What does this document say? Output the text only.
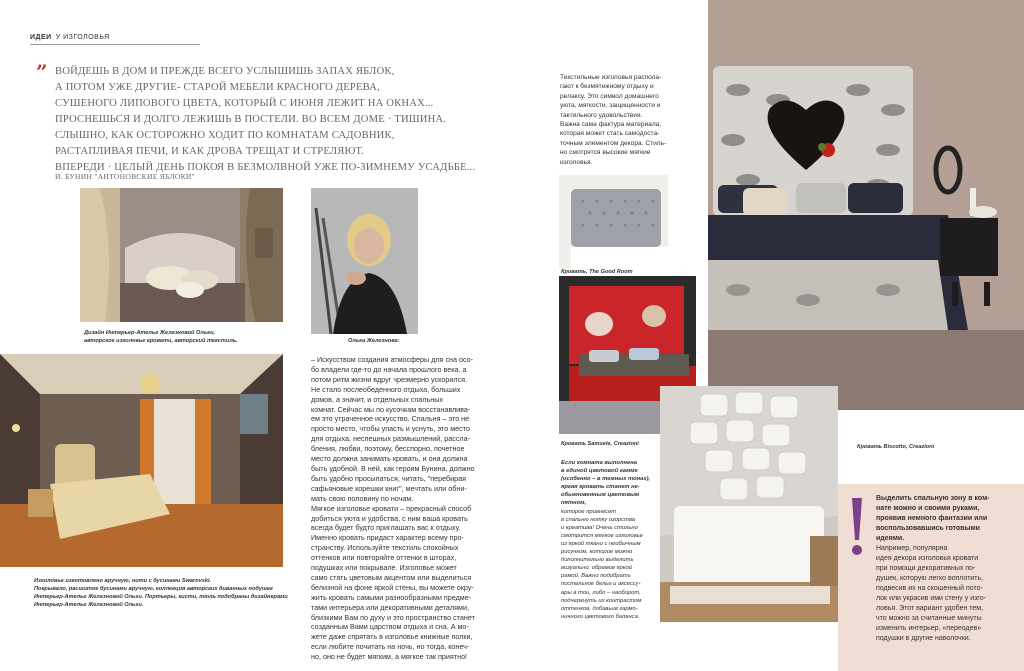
ИДЕИ У ИЗГОЛОВЬЯ
” ВОЙДЕШЬ В ДОМ И ПРЕЖДЕ ВСЕГО УСЛЫШИШЬ ЗАПАХ ЯБЛОК,
А ПОТОМ УЖЕ ДРУГИЕ- СТАРОЙ МЕБЕЛИ КРАСНОГО ДЕРЕВА,
СУШЕНОГО ЛИПОВОГО ЦВЕТА, КОТОРЫЙ С ИЮНЯ ЛЕЖИТ НА ОКНАХ...
ПРОСНЕШЬСЯ И ДОЛГО ЛЕЖИШЬ В ПОСТЕЛИ. ВО ВСЕМ ДОМЕ · ТИШИНА.
СЛЫШНО, КАК ОСТОРОЖНО ХОДИТ ПО КОМНАТАМ САДОВНИК,
РАСТАПЛИВАЯ ПЕЧИ, И КАК ДРОВА ТРЕЩАТ И СТРЕЛЯЮТ.
ВПЕРЕДИ · ЦЕЛЫЙ ДЕНЬ ПОКОЯ В БЕЗМОЛВНОЙ УЖЕ ПО-ЗИМНЕМУ УСАДЬБЕ...
И. БУНИН "АНТОНОВСКИЕ ЯБЛОКИ"
Дизайн Интерьер-Ателье Железновой Ольги,
авторское изголовье кровати, авторский текстиль.	Ольга Железнова:
Изголовье изготовлено вручную, нити с бусинами Swarovski.
Покрывало, расшитое бусинами вручную, коллекция авторских диванных подушек
Интерьер-Ателье Железновой Ольги. Портьеры, кисти, тюль подобраны дизайнерами
Интерьер-Ателье Железновой Ольги.
– Искусством создания атмосферы для сна осо-
бо владели где-то до начала прошлого века, а
потом ритм жизни вдруг чрезмерно ускорился.
Не стало послеобеденного отдыха, больших
домов, а значит, и отдельных спальных
комнат. Сейчас мы по кусочкам восстанавлива-
ем это утраченное искусство. Спальня – это не
просто место, чтобы упасть и уснуть, это место
для отдыха, неспешных размышлений, рассла-
бления, любви, поэтому, бесспорно, почетное
место должна занимать кровать, и она должна
быть удобной. В ней, как героям Бунина, должно
быть удобно просыпаться, читать, "перебирая
сафьяновые корешки книг", мечтать или обни-
мать свою половину по ночам.
Мягкое изголовье кровати – прекрасный способ
добиться уюта и удобства, с ним ваша кровать
всегда будет будто приглашать вас к отдыху.
Именно кровать придаст характер всему про-
странству. Используйте текстиль спокойных
оттенков или повторяйте оттенки в шторах,
подушках или покрывале. Изголовье может
само стать цветовым акцентом или выделиться
белизной на фоне яркой стены, вы можете окру-
жить кровать самыми разнообразными предме-
тами интерьера или декоративными деталями,
близкими Вам по духу и это пространство станет
созданным Вами царством отдыха и сна. А мо-
жете даже спрятать в изголовье книжные полки,
если любите почитать на ночь, но тогда, конеч-
но, оно не будет мягким, а мягкое так приятно!
Текстильные изголовья распола-
гают к безмятежному отдыху и
релаксу. Это символ домашнего
уюта, мягкости, защищенности и
тактильного удовольствия.
Важна сама фактура материала,
которая может стать самодоста-
точным элементом декора. Стиль-
но смотрятся высокие мягкие
изголовья.
Кровать, The Good Room
Кровать Samuele, Creazioni
Если комната выполнена
в единой цветовой гамме
(особенно – в темных тонах),
яркая кровать станет не-
обыкновенным цветовым
пятном,
которое привнесет
в спальню нотку озорства
и креатива! Очень стильно
смотрится мягкое изголовье
из яркой ткани с необычным
рисунком, которое можно
дополнительно выделить
визуально, обрамив яркой
рамой. Важно подобрать
постельное белье и аксессу-
ары в тон, либо – наоборот,
подчеркнуть их контрастом
оттенков, добавьив гармо-
ничного цветового баланса.
Кровать Biscotto, Creazioni
Выделить спальную зону в ком-
нате можно и своими руками,
проявив немного фантазии или
воспользовавшись готовыми
идеями.
Например, популярна
идея декора изголовья кровати
при помощи декоративных по-
душек, которую легко воплотить,
подвесив их на скошенный пото-
лок или украсив ими стену у изго-
ловья. Этот вариант удобен тем,
что можно за считанные минуты
изменить интерьер, «переодев»
подушки в другие наволочки.
